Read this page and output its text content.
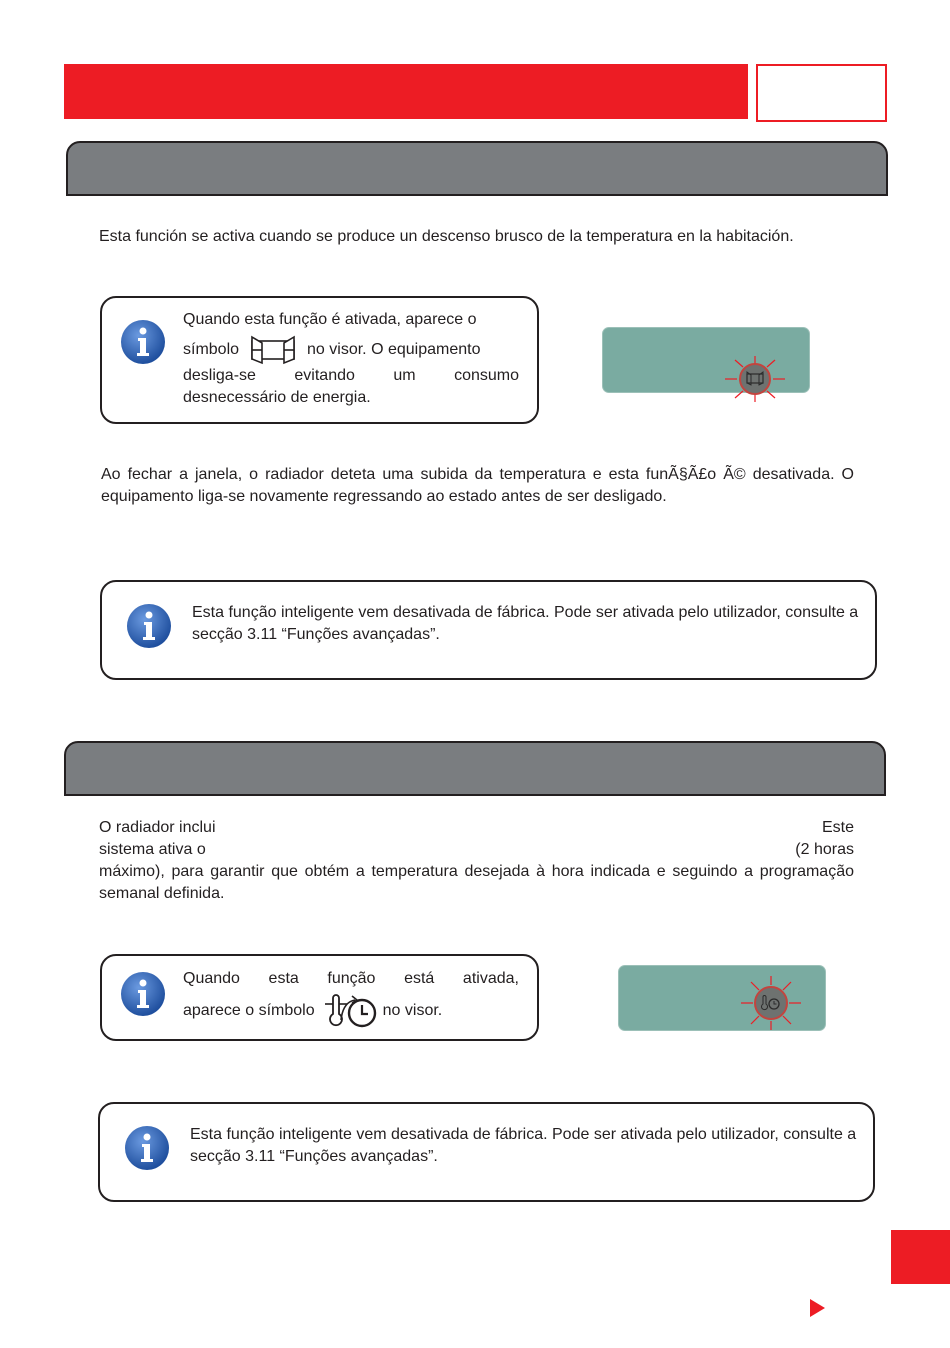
Esta función se activa cuando se produce un descenso brusco de la temperatura en la habitación.
Quando esta função é ativada, aparece o
símbolo	no visor. O equipamento
desliga-se evitando um consumo
desnecessário de energia.
Ao fechar a janela, o radiador deteta uma subida da temperatura e esta funÃ§Ã£o Ã© desativada. O equipamento liga-se novamente regressando ao estado antes de ser desligado.
Esta função inteligente vem desativada de fábrica. Pode ser ativada pelo utilizador, consulte a secção 3.11 “Funções avançadas”.
O radiador inclui	Este
sistema ativa o	(2 horas
máximo), para garantir que obtém a temperatura desejada à hora indicada e seguindo a programação semanal definida.
Quando esta função está ativada,
aparece o símbolo	no visor.
Esta função inteligente vem desativada de fábrica. Pode ser ativada pelo utilizador, consulte a secção 3.11 “Funções avançadas”.
